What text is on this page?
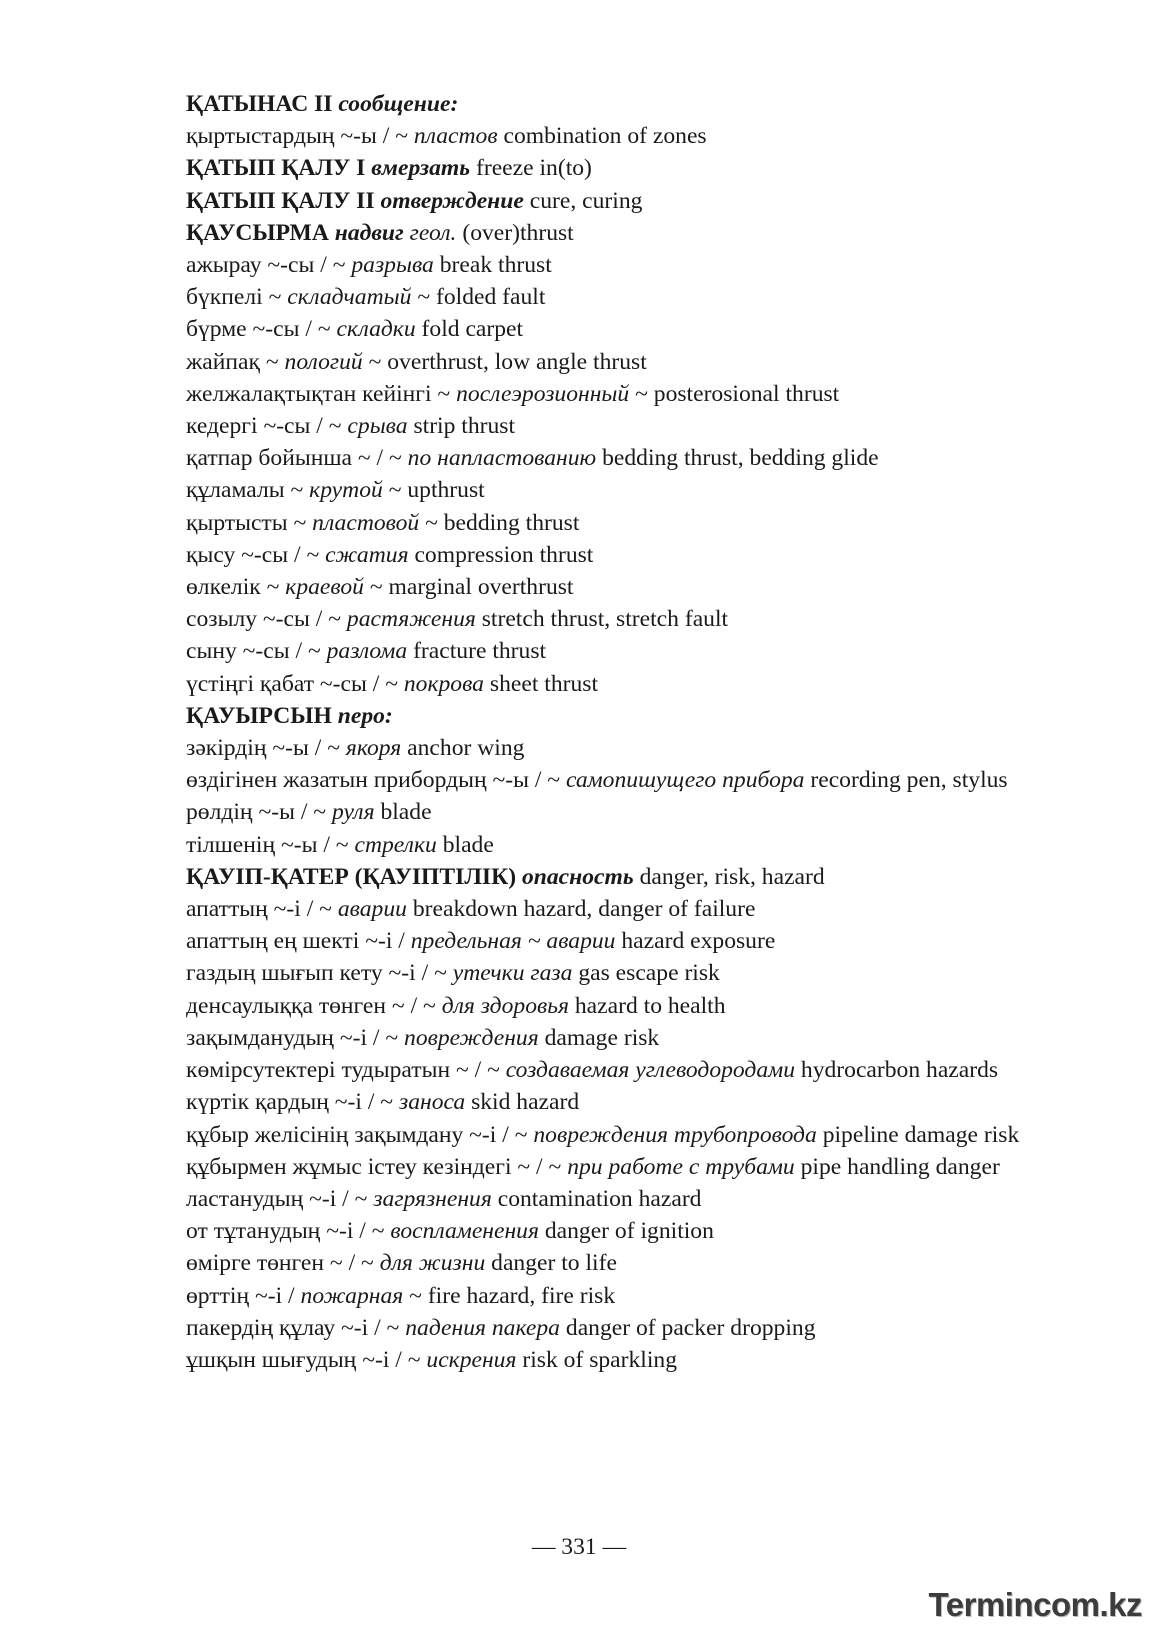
ҚАТЫНАС ІІ сообщение:
қыртыстардың ~-ы / ~ пластов combination of zones
ҚАТЫП ҚАЛУ І вмерзать freeze in(to)
ҚАТЫП ҚАЛУ ІІ отверждение cure, curing
ҚАУСЫРМА надвиг геол. (over)thrust
ажырау ~-сы / ~ разрыва break thrust
бүкпелі ~ складчатый ~ folded fault
бүрме ~-сы / ~ складки fold carpet
жайпақ ~ пологий ~ overthrust, low angle thrust
желжалақтықтан кейінгі ~ послеэрозионный ~ posterosional thrust
кедергі ~-сы / ~ срыва strip thrust
қатпар бойынша ~ / ~ по напластованию bedding thrust, bedding glide
құламалы ~ крутой ~ upthrust
қыртысты ~ пластовой ~ bedding thrust
қысу ~-сы / ~ сжатия compression thrust
өлкелік ~ краевой ~ marginal overthrust
созылу ~-сы / ~ растяжения stretch thrust, stretch fault
сыну ~-сы / ~ разлома fracture thrust
үстіңгі қабат ~-сы / ~ покрова sheet thrust
ҚАУЫРСЫН перо:
зәкірдің ~-ы / ~ якоря anchor wing
өздігінен жазатын прибордың ~-ы / ~ самопишущего прибора recording pen, stylus
рөлдің ~-ы / ~ руля blade
тілшенің ~-ы / ~ стрелки blade
ҚАУІП-ҚАТЕР (ҚАУІПТІЛІК) опасность danger, risk, hazard
апаттың ~-і / ~ аварии breakdown hazard, danger of failure
апаттың ең шекті ~-і / предельная ~ аварии hazard exposure
газдың шығып кету ~-і / ~ утечки газа gas escape risk
денсаулыққа төнген ~ / ~ для здоровья hazard to health
зақымданудың ~-і / ~ повреждения damage risk
көмірсутектері тудыратын ~ / ~ создаваемая углеводородами hydrocarbon hazards
күртік қардың ~-і / ~ заноса skid hazard
құбыр желісінің зақымдану ~-і / ~ повреждения трубопровода pipeline damage risk
құбырмен жұмыс істеу кезіндегі ~ / ~ при работе с трубами pipe handling danger
ластанудың ~-і / ~ загрязнения contamination hazard
от тұтанудың ~-і / ~ воспламенения danger of ignition
өмірге төнген ~ / ~ для жизни danger to life
өрттің ~-і / пожарная ~ fire hazard, fire risk
пакердің құлау ~-і / ~ падения пакера danger of packer dropping
ұшқын шығудың ~-і / ~ искрения risk of sparkling
— 331 —
Termincom.kz
